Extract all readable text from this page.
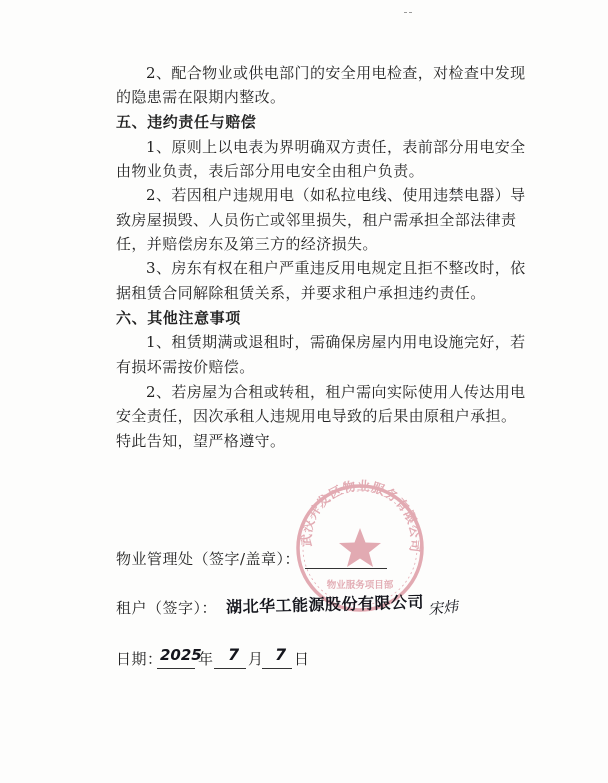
2、配合物业或供电部门的安全用电检查，对检查中发现
的隐患需在限期内整改。
五、违约责任与赔偿
1、原则上以电表为界明确双方责任，表前部分用电安全
由物业负责，表后部分用电安全由租户负责。
2、若因租户违规用电（如私拉电线、使用违禁电器）导
致房屋损毁、人员伤亡或邻里损失，租户需承担全部法律责
任，并赔偿房东及第三方的经济损失。
3、房东有权在租户严重违反用电规定且拒不整改时，依
据租赁合同解除租赁关系，并要求租户承担违约责任。
六、其他注意事项
1、租赁期满或退租时，需确保房屋内用电设施完好，若
有损坏需按价赔偿。
2、若房屋为合租或转租，租户需向实际使用人传达用电
安全责任，因次承租人违规用电导致的后果由原租户承担。
特此告知，望严格遵守。
武汉开发区物业服务有限公司
物业服务项目部
物业管理处（签字/盖章）：
租户（签字）： 湖北华工能源股份有限公司 宋炜
日期：
2025
年 7 月 7 日
